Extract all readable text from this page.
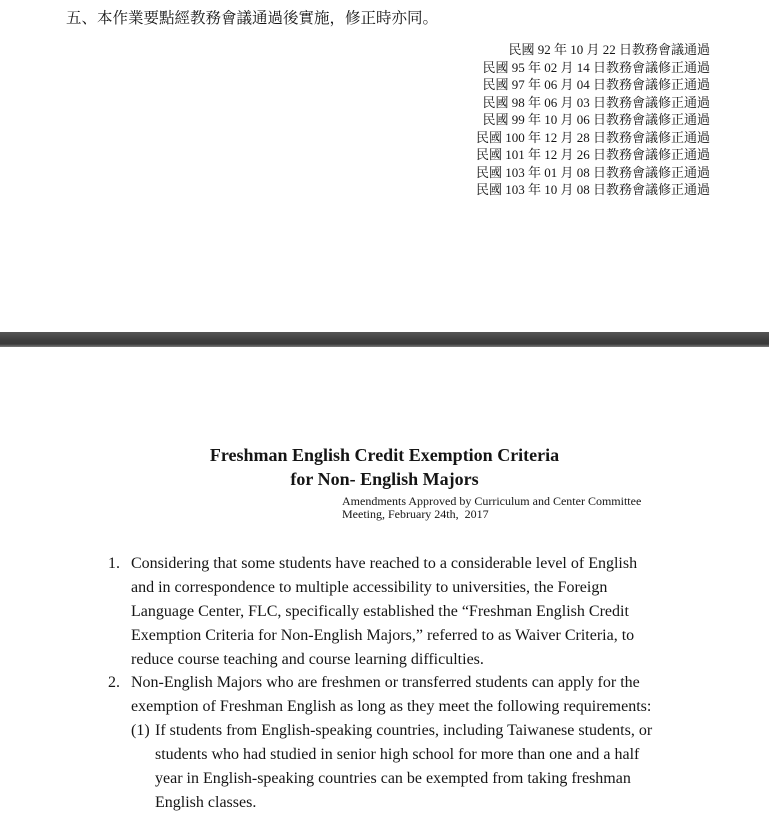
五、本作業要點經教務會議通過後實施，修正時亦同。
民國 92 年 10 月 22 日教務會議通過
民國 95 年 02 月 14 日教務會議修正通過
民國 97 年 06 月 04 日教務會議修正通過
民國 98 年 06 月 03 日教務會議修正通過
民國 99 年 10 月 06 日教務會議修正通過
民國 100 年 12 月 28 日教務會議修正通過
民國 101 年 12 月 26 日教務會議修正通過
民國 103 年 01 月 08 日教務會議修正通過
民國 103 年 10 月 08 日教務會議修正通過
Freshman English Credit Exemption Criteria
for Non- English Majors
Amendments Approved by Curriculum and Center Committee
Meeting, February 24th,  2017
1. Considering that some students have reached to a considerable level of English
and in correspondence to multiple accessibility to universities, the Foreign
Language Center, FLC, specifically established the “Freshman English Credit
Exemption Criteria for Non-English Majors,” referred to as Waiver Criteria, to
reduce course teaching and course learning difficulties.
2. Non-English Majors who are freshmen or transferred students can apply for the
exemption of Freshman English as long as they meet the following requirements:
(1) If students from English-speaking countries, including Taiwanese students, or
students who had studied in senior high school for more than one and a half
year in English-speaking countries can be exempted from taking freshman
English classes.
